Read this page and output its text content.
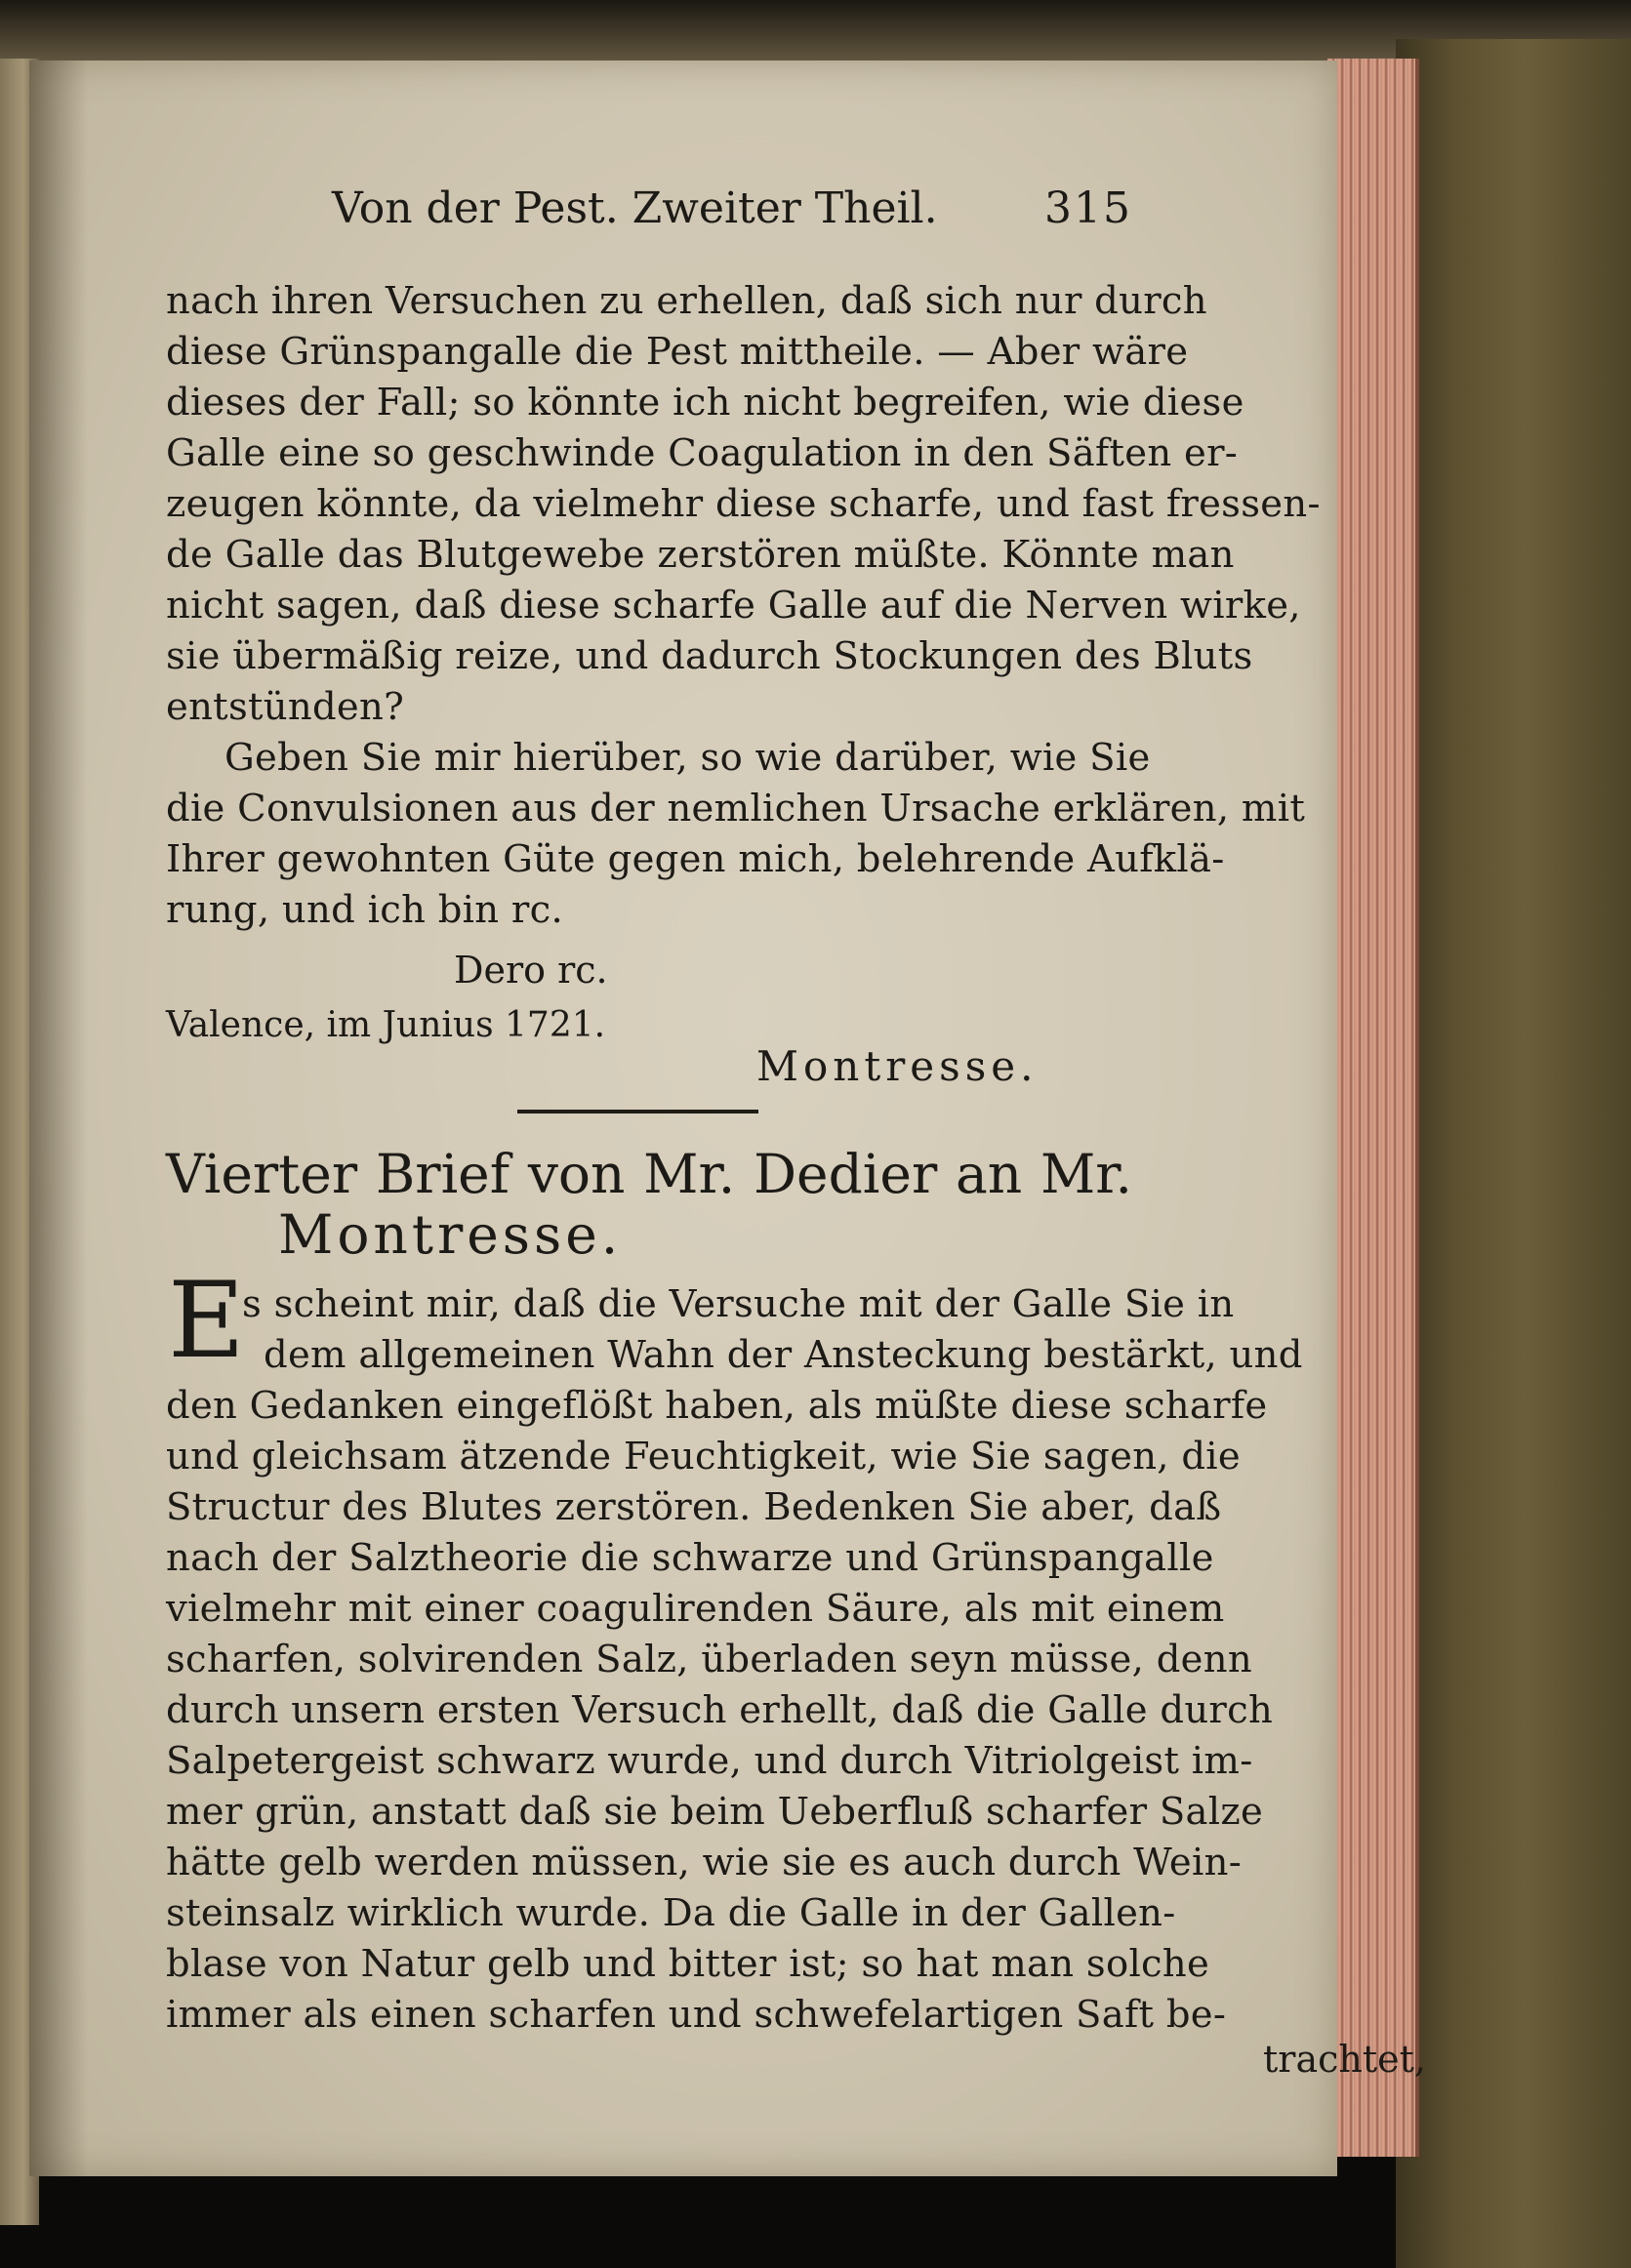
Von der Pest. Zweiter Theil. 315
nach ihren Versuchen zu erhellen, daß sich nur durch
diese Grünspangalle die Pest mittheile. — Aber wäre
dieses der Fall; so könnte ich nicht begreifen, wie diese
Galle eine so geschwinde Coagulation in den Säften er-
zeugen könnte, da vielmehr diese scharfe, und fast fressen-
de Galle das Blutgewebe zerstören müßte. Könnte man
nicht sagen, daß diese scharfe Galle auf die Nerven wirke,
sie übermäßig reize, und dadurch Stockungen des Bluts
entstünden?
Geben Sie mir hierüber, so wie darüber, wie Sie
die Convulsionen aus der nemlichen Ursache erklären, mit
Ihrer gewohnten Güte gegen mich, belehrende Aufklä-
rung, und ich bin rc.
Dero rc.
Valence, im Junius 1721.
Montresse.
Vierter Brief von Mr. Dedier an Mr.
Montresse.
E
s scheint mir, daß die Versuche mit der Galle Sie in
dem allgemeinen Wahn der Ansteckung bestärkt, und
den Gedanken eingeflößt haben, als müßte diese scharfe
und gleichsam ätzende Feuchtigkeit, wie Sie sagen, die
Structur des Blutes zerstören. Bedenken Sie aber, daß
nach der Salztheorie die schwarze und Grünspangalle
vielmehr mit einer coagulirenden Säure, als mit einem
scharfen, solvirenden Salz, überladen seyn müsse, denn
durch unsern ersten Versuch erhellt, daß die Galle durch
Salpetergeist schwarz wurde, und durch Vitriolgeist im-
mer grün, anstatt daß sie beim Ueberfluß scharfer Salze
hätte gelb werden müssen, wie sie es auch durch Wein-
steinsalz wirklich wurde. Da die Galle in der Gallen-
blase von Natur gelb und bitter ist; so hat man solche
immer als einen scharfen und schwefelartigen Saft be-
trachtet,
